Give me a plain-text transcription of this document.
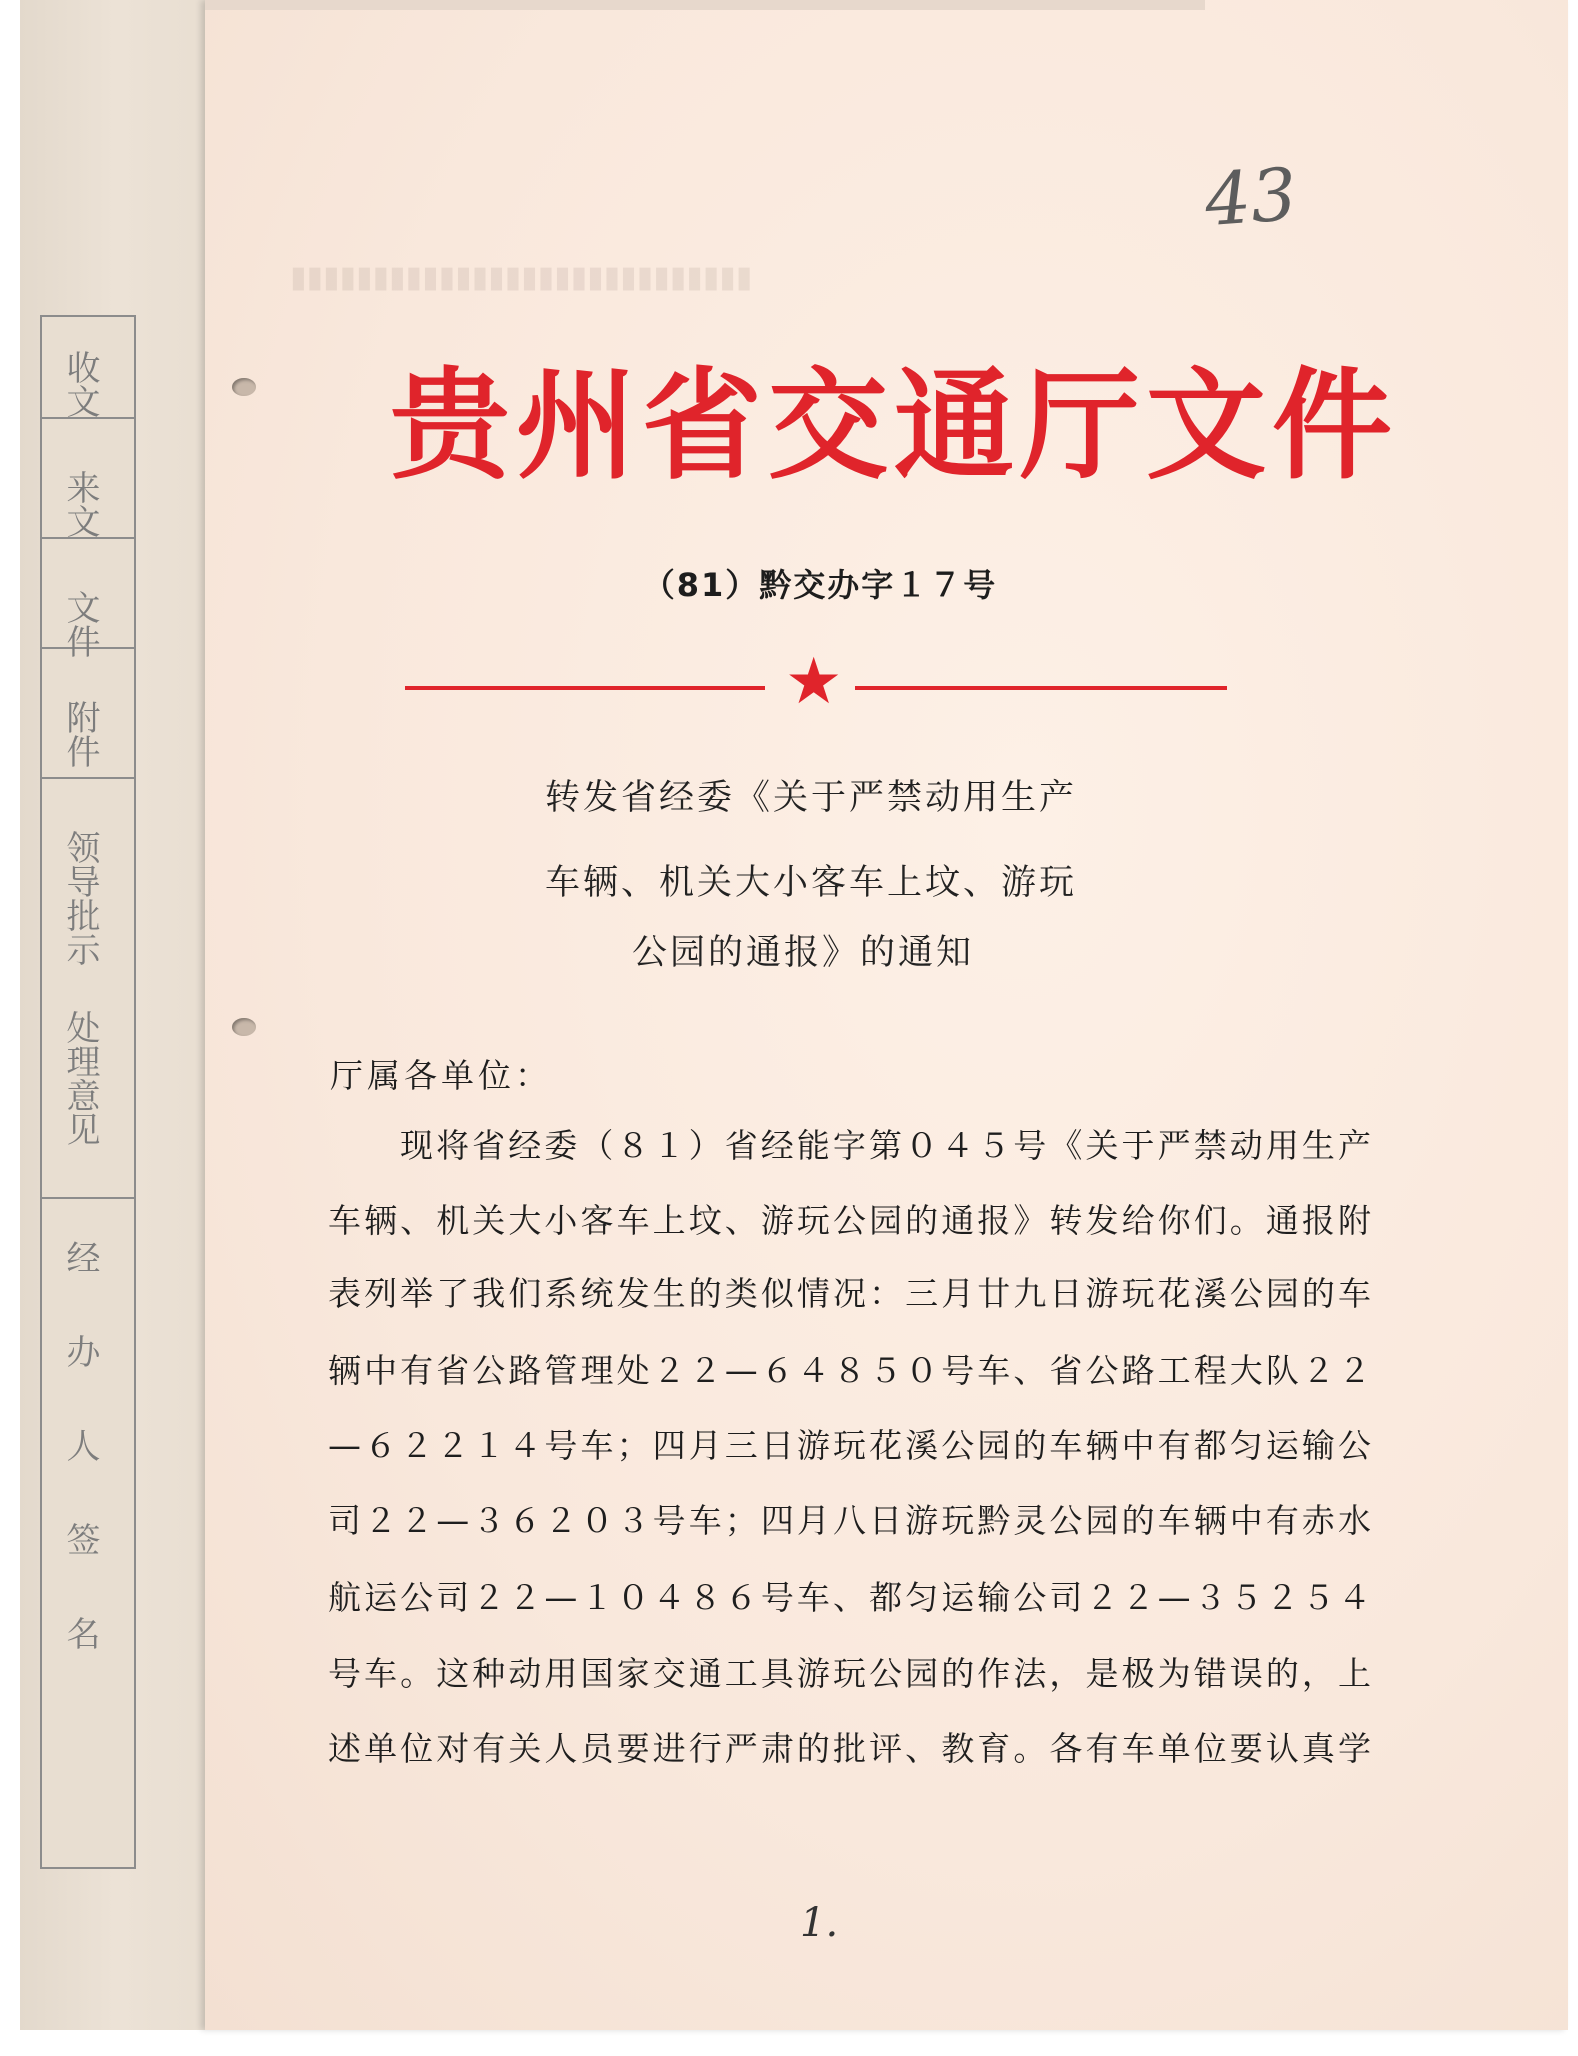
收文
来文
文件
附件
领导批示
处理意见
经办人签名
▮▮▮▮▮▮▮▮▮▮▮▮▮▮▮▮▮▮▮▮▮▮▮▮▮▮▮▮
43
贵州省交通厅文件
（81）黔交办字１７号
★
转发省经委《关于严禁动用生产
车辆、机关大小客车上坟、游玩
公园的通报》的通知
厅属各单位：
现将省经委（８１）省经能字第０４５号《关于严禁动用生产
车辆、机关大小客车上坟、游玩公园的通报》转发给你们。通报附
表列举了我们系统发生的类似情况：三月廿九日游玩花溪公园的车
辆中有省公路管理处２２—６４８５０号车、省公路工程大队２２
—６２２１４号车；四月三日游玩花溪公园的车辆中有都匀运输公
司２２—３６２０３号车；四月八日游玩黔灵公园的车辆中有赤水
航运公司２２—１０４８６号车、都匀运输公司２２—３５２５４
号车。这种动用国家交通工具游玩公园的作法，是极为错误的，上
述单位对有关人员要进行严肃的批评、教育。各有车单位要认真学
1.
